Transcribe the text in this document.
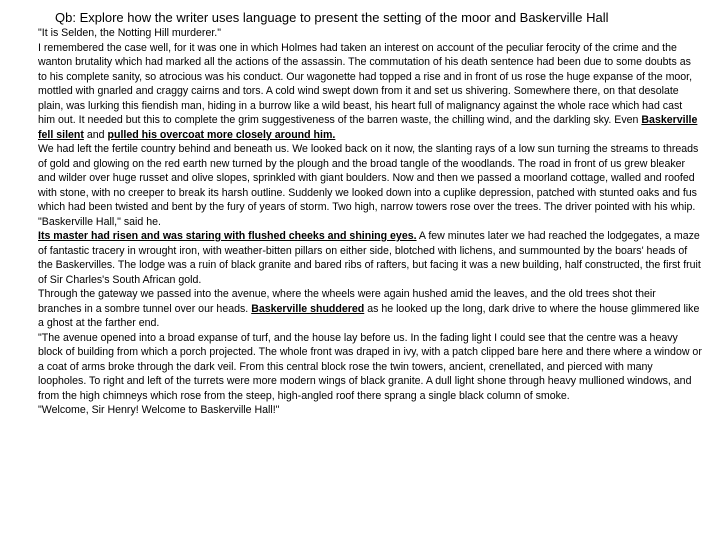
Qb: Explore how the writer uses language to present the setting of the moor and Baskerville Hall

"It is Selden, the Notting Hill murderer."

I remembered the case well, for it was one in which Holmes had taken an interest on account of the peculiar ferocity of the crime and the wanton brutality which had marked all the actions of the assassin. The commutation of his death sentence had been due to some doubts as to his complete sanity, so atrocious was his conduct. Our wagonette had topped a rise and in front of us rose the huge expanse of the moor, mottled with gnarled and craggy cairns and tors. A cold wind swept down from it and set us shivering. Somewhere there, on that desolate plain, was lurking this fiendish man, hiding in a burrow like a wild beast, his heart full of malignancy against the whole race which had cast him out. It needed but this to complete the grim suggestiveness of the barren waste, the chilling wind, and the darkling sky. Even Baskerville fell silent and pulled his overcoat more closely around him.

We had left the fertile country behind and beneath us. We looked back on it now, the slanting rays of a low sun turning the streams to threads of gold and glowing on the red earth new turned by the plough and the broad tangle of the woodlands. The road in front of us grew bleaker and wilder over huge russet and olive slopes, sprinkled with giant boulders. Now and then we passed a moorland cottage, walled and roofed with stone, with no creeper to break its harsh outline. Suddenly we looked down into a cuplike depression, patched with stunted oaks and fus which had been twisted and bent by the fury of years of storm. Two high, narrow towers rose over the trees. The driver pointed with his whip.

"Baskerville Hall," said he.

Its master had risen and was staring with flushed cheeks and shining eyes. A few minutes later we had reached the lodgegates, a maze of fantastic tracery in wrought iron, with weather-bitten pillars on either side, blotched with lichens, and summounted by the boars' heads of the Baskervilles. The lodge was a ruin of black granite and bared ribs of rafters, but facing it was a new building, half constructed, the first fruit of Sir Charles's South African gold.

Through the gateway we passed into the avenue, where the wheels were again hushed amid the leaves, and the old trees shot their branches in a sombre tunnel over our heads. Baskerville shuddered as he looked up the long, dark drive to where the house glimmered like a ghost at the farther end.

"The avenue opened into a broad expanse of turf, and the house lay before us. In the fading light I could see that the centre was a heavy block of building from which a porch projected. The whole front was draped in ivy, with a patch clipped bare here and there where a window or a coat of arms broke through the dark veil. From this central block rose the twin towers, ancient, crenellated, and pierced with many loopholes. To right and left of the turrets were more modern wings of black granite. A dull light shone through heavy mullioned windows, and from the high chimneys which rose from the steep, high-angled roof there sprang a single black column of smoke.

"Welcome, Sir Henry! Welcome to Baskerville Hall!"
